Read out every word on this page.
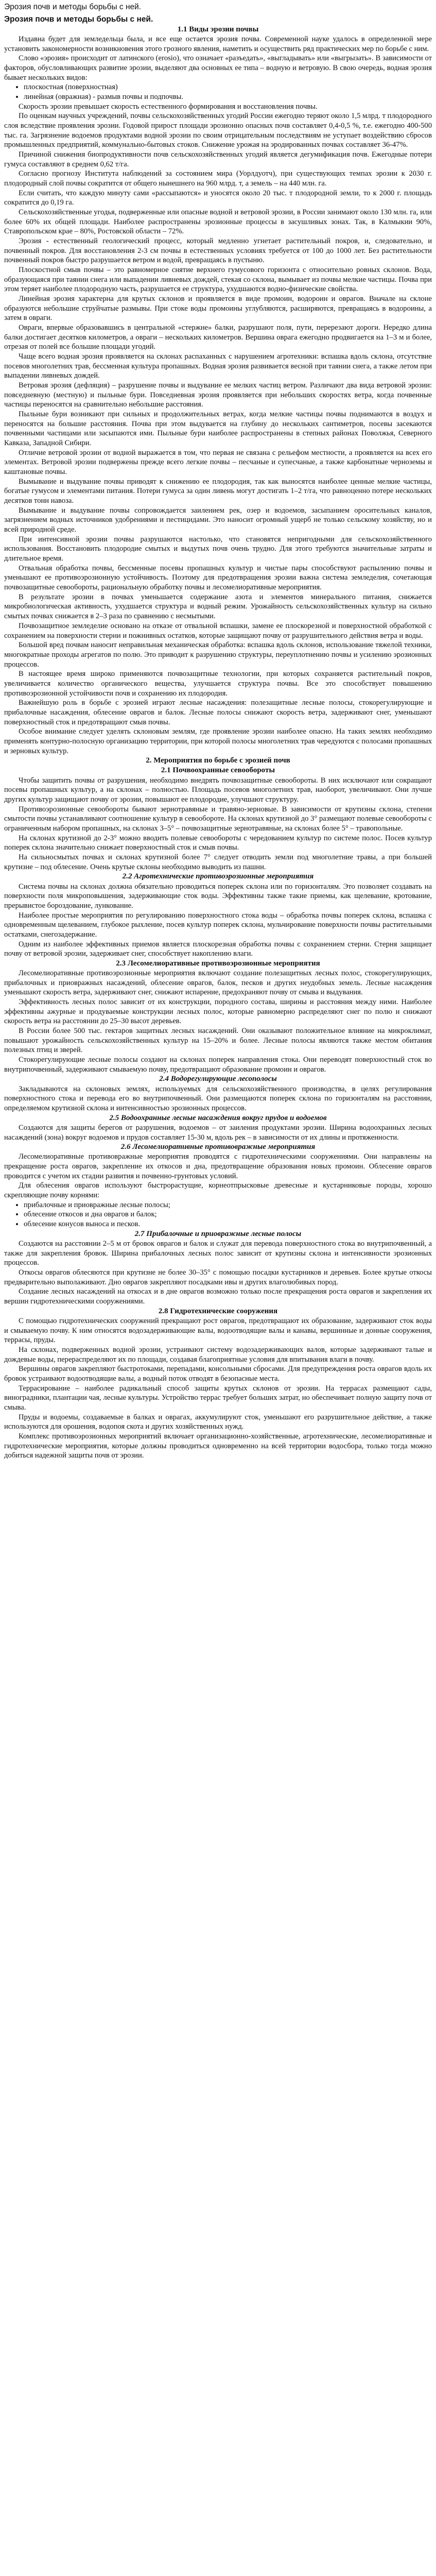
Эрозия почв и методы борьбы с ней.
Эрозия почв и методы борьбы с ней.
1.1 Виды эрозии почвы

Издавна будет для земледельца была, и все еще остается эрозия почва. Современной науке удалось в определенной мере установить закономерности возникновения этого грозного явления, наметить и осуществить ряд практических мер по борьбе с ним.

Слово «эрозия» происходит от латинского (erosio), что означает «разъедать», «выгладывать» или «выгрызать». В зависимости от факторов, обусловливающих развитие эрозии, выделяют два основных ее типа – водную и ветровую. В свою очередь, водная эрозия бывает нескольких видов:

• плоскостная (поверхностная)
• линейная (овражная) - размыв почвы и подпочвы.

Скорость эрозии превышает скорость естественного формирования и восстановления почвы.

По оценкам научных учреждений, почвы сельскохозяйственных угодий России ежегодно теряют около 1,5 млрд. т плодородного слоя вследствие проявления эрозии. Годовой прирост площади эрозионно опасных почв составляет 0,4-0,5 %, т.е. ежегодно 400-500 тыс. га. Загрязнение водоемов продуктами водной эрозии по своим отрицательным последствиям не уступает воздействию сбросов промышленных предприятий, коммунально-бытовых стоков. Снижение урожая на эродированных почвах составляет 36-47%.

Причиной снижения биопродуктивности почв сельскохозяйственных угодий является дегумификация почв. Ежегодные потери гумуса составляют в среднем 0,62 т/га.

Согласно прогнозу Института наблюдений за состоянием мира (Уорлдуотч), при существующих темпах эрозии к 2030 г. плодородный слой почвы сократится от общего нынешнего на 960 млрд. т, а земель – на 440 млн. га.

Если считать, что каждую минуту сами «рассыпаются» и уносятся около 20 тыс. т плодородной земли, то к 2000 г. площадь сократится до 0,19 га.

Сельскохозяйственные угодья, подверженные или опасные водной и ветровой эрозии, в России занимают около 130 млн. га, или более 60% их общей площади. Наиболее распространены эрозионные процессы в засушливых зонах. Так, в Калмыкии 90%, Ставропольском крае – 80%, Ростовской области – 72%.

Эрозия - естественный геологический процесс, который медленно угнетает растительный покров, и, следовательно, и почвенный покров. Для восстановления 2-3 см почвы в естественных условиях требуется от 100 до 1000 лет. Без растительности почвенный покров быстро разрушается ветром и водой, превращаясь в пустыню.

Плоскостной смыв почвы – это равномерное снятие верхнего гумусового горизонта с относительно ровных склонов. Вода, образующаяся при таянии снега или выпадении ливневых дождей, стекая со склона, вымывает из почвы мелкие частицы. Почва при этом теряет наиболее плодородную часть, разрушается ее структура, ухудшаются водно-физические свойства.

Линейная эрозия характерна для крутых склонов и проявляется в виде промоин, водороин и оврагов. Вначале на склоне образуются небольшие струйчатые размывы. При стоке воды промоины углубляются, расширяются, превращаясь в водороины, а затем в овраги.

Овраги, впервые образовавшись в центральной «стержне» балки, разрушают поля, пути, перерезают дороги. Нередко длина балки достигает десятков километров, а овраги – нескольких километров. Вершина оврага ежегодно продвигается на 1–3 м и более, отрезая от полей все большие площади угодий.

Чаще всего водная эрозия проявляется на склонах распаханных с нарушением агротехники: вспашка вдоль склона, отсутствие посевов многолетних трав, бессменная культура пропашных. Водная эрозия развивается весной при таянии снега, а также летом при выпадении ливневых дождей.

Ветровая эрозия (дефляция) – разрушение почвы и выдувание ее мелких частиц ветром. Различают два вида ветровой эрозии: повседневную (местную) и пыльные бури. Повседневная эрозия проявляется при небольших скоростях ветра, когда почвенные частицы переносятся на сравнительно небольшие расстояния.

Пыльные бури возникают при сильных и продолжительных ветрах, когда мелкие частицы почвы поднимаются в воздух и переносятся на большие расстояния. Почва при этом выдувается на глубину до нескольких сантиметров, посевы засекаются почвенными частицами или засыпаются ими. Пыльные бури наиболее распространены в степных районах Поволжья, Северного Кавказа, Западной Сибири.

Отличие ветровой эрозии от водной выражается в том, что первая не связана с рельефом местности, а проявляется на всех его элементах. Ветровой эрозии подвержены прежде всего легкие почвы – песчаные и супесчаные, а также карбонатные черноземы и каштановые почвы.

Вымывание и выдувание почвы приводят к снижению ее плодородия, так как выносятся наиболее ценные мелкие частицы, богатые гумусом и элементами питания. Потери гумуса за один ливень могут достигать 1–2 т/га, что равноценно потере нескольких десятков тонн навоза.

Вымывание и выдувание почвы сопровождается заилением рек, озер и водоемов, засыпанием оросительных каналов, загрязнением водных источников удобрениями и пестицидами. Это наносит огромный ущерб не только сельскому хозяйству, но и всей природной среде.

При интенсивной эрозии почвы разрушаются настолько, что становятся непригодными для сельскохозяйственного использования. Восстановить плодородие смытых и выдутых почв очень трудно. Для этого требуются значительные затраты и длительное время.

Отвальная обработка почвы, бессменные посевы пропашных культур и чистые пары способствуют распылению почвы и уменьшают ее противоэрозионную устойчивость. Поэтому для предотвращения эрозии важна система земледелия, сочетающая почвозащитные севообороты, рациональную обработку почвы и лесомелиоративные мероприятия.

В результате эрозии в почвах уменьшается содержание азота и элементов минерального питания, снижается микробиологическая активность, ухудшается структура и водный режим. Урожайность сельскохозяйственных культур на сильно смытых почвах снижается в 2–3 раза по сравнению с несмытыми.

Почвозащитное земледелие основано на отказе от отвальной вспашки, замене ее плоскорезной и поверхностной обработкой с сохранением на поверхности стерни и пожнивных остатков, которые защищают почву от разрушительного действия ветра и воды.

Большой вред почвам наносит неправильная механическая обработка: вспашка вдоль склонов, использование тяжелой техники, многократные проходы агрегатов по полю. Это приводит к разрушению структуры, переуплотнению почвы и усилению эрозионных процессов.

В настоящее время широко применяются почвозащитные технологии, при которых сохраняется растительный покров, увеличивается количество органического вещества, улучшается структура почвы. Все это способствует повышению противоэрозионной устойчивости почв и сохранению их плодородия.

Важнейшую роль в борьбе с эрозией играют лесные насаждения: полезащитные лесные полосы, стокорегулирующие и прибалочные насаждения, облесение оврагов и балок. Лесные полосы снижают скорость ветра, задерживают снег, уменьшают поверхностный сток и предотвращают смыв почвы.

Особое внимание следует уделять склоновым землям, где проявление эрозии наиболее опасно. На таких землях необходимо применять контурно-полосную организацию территории, при которой полосы многолетних трав чередуются с полосами пропашных и зерновых культур.

2. Мероприятия по борьбе с эрозией почв
2.1 Почвоохранные севообороты

Чтобы защитить почвы от разрушения, необходимо внедрять почвозащитные севообороты. В них исключают или сокращают посевы пропашных культур, а на склонах – полностью. Площадь посевов многолетних трав, наоборот, увеличивают. Они лучше других культур защищают почву от эрозии, повышают ее плодородие, улучшают структуру.

Противоэрозионные севообороты бывают зернотравяные и травяно-зерновые. В зависимости от крутизны склона, степени смытости почвы устанавливают соотношение культур в севообороте. На склонах крутизной до 3° размещают полевые севообороты с ограниченным набором пропашных, на склонах 3–5° – почвозащитные зернотравяные, на склонах более 5° – травопольные.

На склонах крутизной до 2-3° можно вводить полевые севообороты с чередованием культур по системе полос. Посев культур поперек склона значительно снижает поверхностный сток и смыв почвы.

На сильносмытых почвах и склонах крутизной более 7° следует отводить земли под многолетние травы, а при большей крутизне – под облесение. Очень крутые склоны необходимо выводить из пашни.

2.2 Агротехнические противоэрозионные мероприятия

Система почвы на склонах должна обязательно проводиться поперек склона или по горизонталям. Это позволяет создавать на поверхности поля микроповышения, задерживающие сток воды. Эффективны также такие приемы, как щелевание, кротование, прерывистое бороздование, лункование.

Наиболее простые мероприятия по регулированию поверхностного стока воды – обработка почвы поперек склона, вспашка с одновременным щелеванием, глубокое рыхление, посев культур поперек склона, мульчирование поверхности почвы растительными остатками, снегозадержание.

Одним из наиболее эффективных приемов является плоскорезная обработка почвы с сохранением стерни. Стерня защищает почву от ветровой эрозии, задерживает снег, способствует накоплению влаги.

2.3 Лесомелиоративные противоэрозионные мероприятия

Лесомелиоративные противоэрозионные мероприятия включают создание полезащитных лесных полос, стокорегулирующих, прибалочных и приовражных насаждений, облесение оврагов, балок, песков и других неудобных земель. Лесные насаждения уменьшают скорость ветра, задерживают снег, снижают испарение, предохраняют почву от смыва и выдувания.

Эффективность лесных полос зависит от их конструкции, породного состава, ширины и расстояния между ними. Наиболее эффективны ажурные и продуваемые конструкции лесных полос, которые равномерно распределяют снег по полю и снижают скорость ветра на расстоянии до 25–30 высот деревьев.

В России более 500 тыс. гектаров защитных лесных насаждений. Они оказывают положительное влияние на микроклимат, повышают урожайность сельскохозяйственных культур на 15–20% и более. Лесные полосы являются также местом обитания полезных птиц и зверей.

Стокорегулирующие лесные полосы создают на склонах поперек направления стока. Они переводят поверхностный сток во внутрипочвенный, задерживают смываемую почву, предотвращают образование промоин и оврагов.

2.4 Водорегулирующие лесополосы

Закладываются на склоновых землях, используемых для сельскохозяйственного производства, в целях регулирования поверхностного стока и перевода его во внутрипочвенный. Они размещаются поперек склона по горизонталям на расстоянии, определяемом крутизной склона и интенсивностью эрозионных процессов.

2.5 Водоохранные лесные насаждения вокруг прудов и водоемов

Создаются для защиты берегов от разрушения, водоемов – от заиления продуктами эрозии. Ширина водоохранных лесных насаждений (зона) вокруг водоемов и прудов составляет 15-30 м, вдоль рек – в зависимости от их длины и протяженности.

2.6 Лесомелиоративные противовражные мероприятия

Лесомелиоративные противовражные мероприятия проводятся с гидротехническими сооружениями. Они направлены на прекращение роста оврагов, закрепление их откосов и дна, предотвращение образования новых промоин. Облесение оврагов проводится с учетом их стадии развития и почвенно-грунтовых условий.

Для облесения оврагов используют быстрорастущие, корнеотпрысковые древесные и кустарниковые породы, хорошо скрепляющие почву корнями:

• прибалочные и приовражные лесные полосы;
• облесение откосов и дна оврагов и балок;
• облесение конусов выноса и песков.
2.7 Прибалочные и приовражные лесные полосы

Создаются на расстоянии 2–5 м от бровок оврагов и балок и служат для перевода поверхностного стока во внутрипочвенный, а также для закрепления бровок. Ширина прибалочных лесных полос зависит от крутизны склона и интенсивности эрозионных процессов.

Откосы оврагов облесяются при крутизне не более 30–35° с помощью посадки кустарников и деревьев. Более крутые откосы предварительно выполаживают. Дно оврагов закрепляют посадками ивы и других влаголюбивых пород.

Создание лесных насаждений на откосах и в дне оврагов возможно только после прекращения роста оврагов и закрепления их вершин гидротехническими сооружениями.

2.8 Гидротехнические сооружения

С помощью гидротехнических сооружений прекращают рост оврагов, предотвращают их образование, задерживают сток воды и смываемую почву. К ним относятся водозадерживающие валы, водоотводящие валы и канавы, вершинные и донные сооружения, террасы, пруды.

На склонах, подверженных водной эрозии, устраивают систему водозадерживающих валов, которые задерживают талые и дождевые воды, перераспределяют их по площади, создавая благоприятные условия для впитывания влаги в почву.

Вершины оврагов закрепляют быстротоками, перепадами, консольными сбросами. Для предупреждения роста оврагов вдоль их бровок устраивают водоотводящие валы, а водный поток отводят в безопасные места.

Террасирование – наиболее радикальный способ защиты крутых склонов от эрозии. На террасах размещают сады, виноградники, плантации чая, лесные культуры. Устройство террас требует больших затрат, но обеспечивает полную защиту почв от смыва.

Пруды и водоемы, создаваемые в балках и оврагах, аккумулируют сток, уменьшают его разрушительное действие, а также используются для орошения, водопоя скота и других хозяйственных нужд.

Комплекс противоэрозионных мероприятий включает организационно-хозяйственные, агротехнические, лесомелиоративные и гидротехнические мероприятия, которые должны проводиться одновременно на всей территории водосбора, только тогда можно добиться надежной защиты почв от эрозии.
